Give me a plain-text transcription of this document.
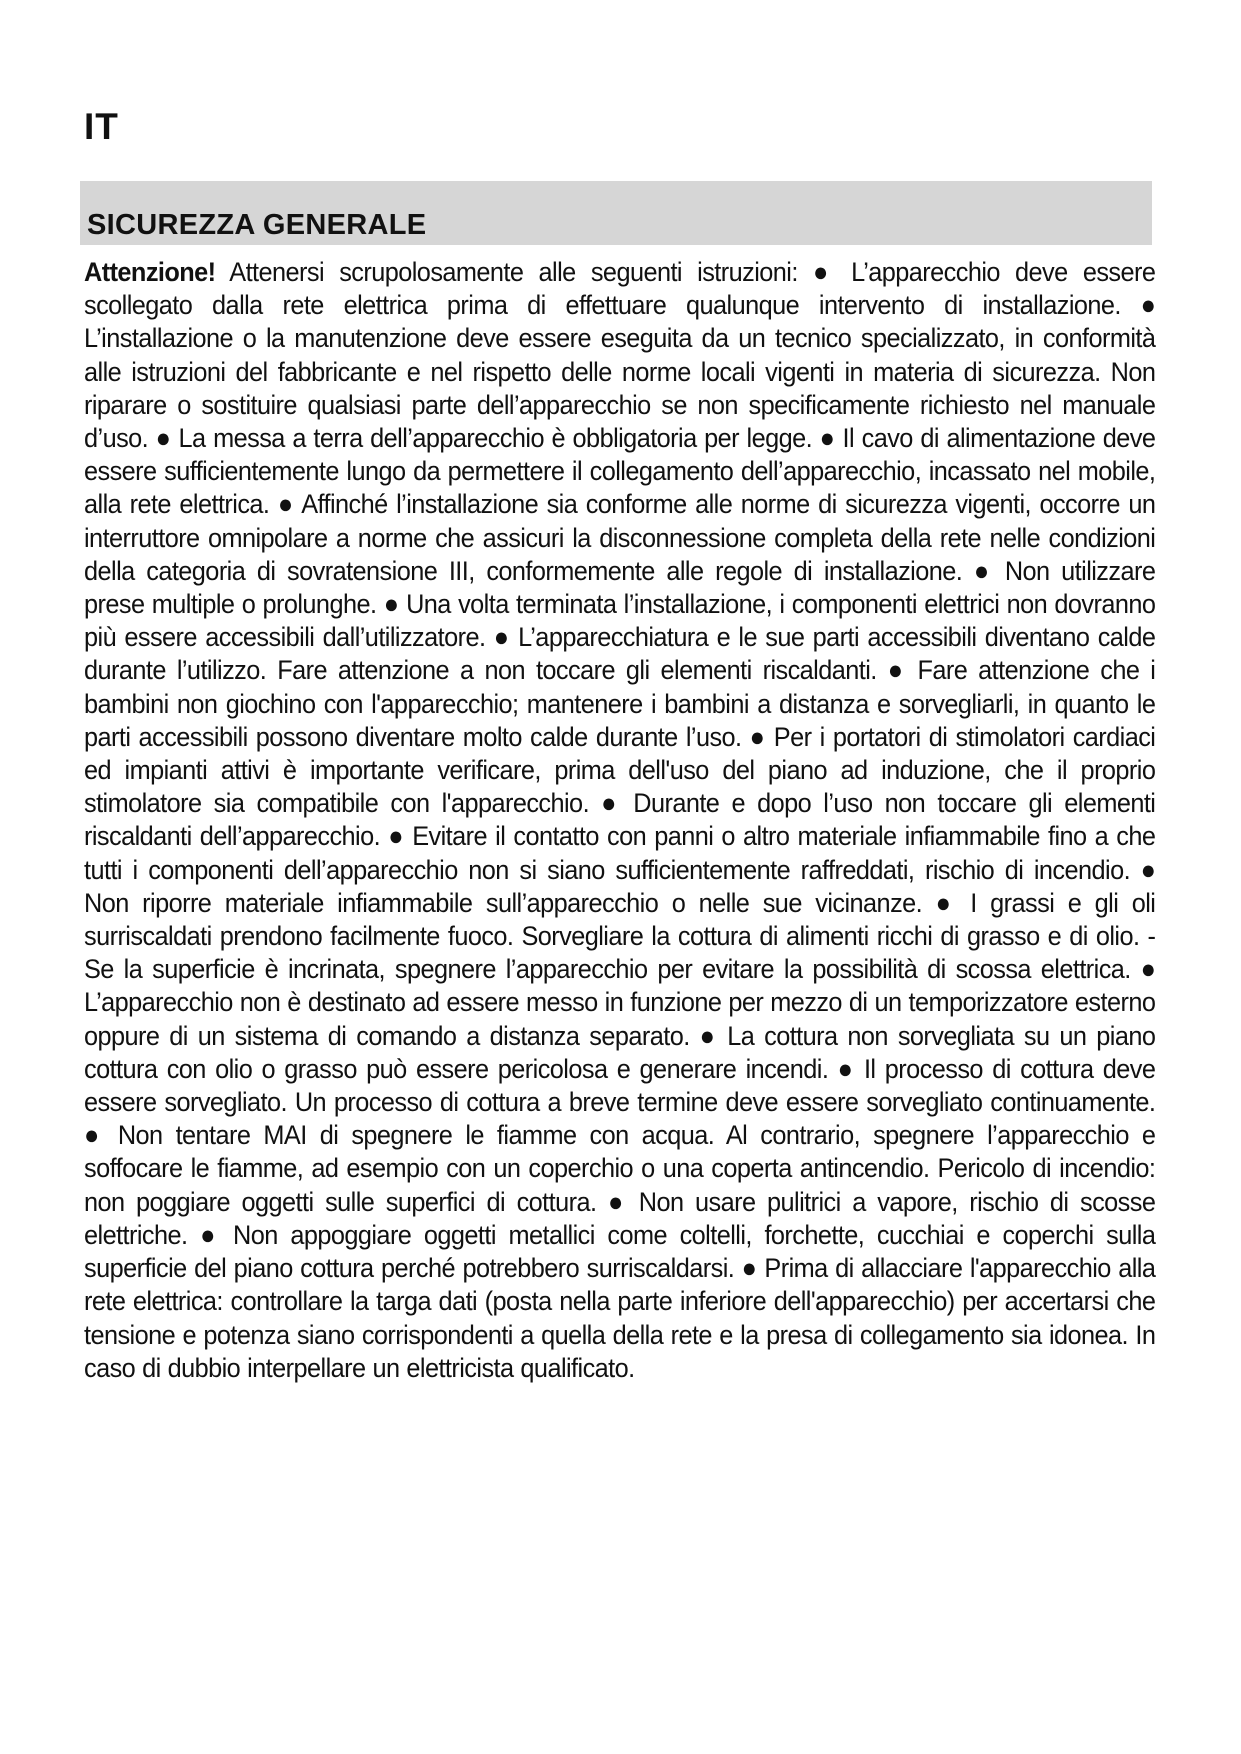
IT
SICUREZZA GENERALE

Attenzione! Attenersi scrupolosamente alle seguenti istruzioni: ● L’apparecchio deve essere scollegato dalla rete elettrica prima di effettuare qualunque intervento di installazione. ● L’installazione o la manutenzione deve essere eseguita da un tecnico specializzato, in conformità alle istruzioni del fabbricante e nel rispetto delle norme locali vigenti in materia di sicurezza. Non riparare o sostituire qualsiasi parte dell’apparecchio se non specificamente richiesto nel manuale d’uso. ● La messa a terra dell’apparecchio è obbligatoria per legge. ● Il cavo di alimentazione deve essere sufficientemente lungo da permettere il collegamento dell’apparecchio, incassato nel mobile, alla rete elettrica. ● Affinché l’installazione sia conforme alle norme di sicurezza vigenti, occorre un interruttore omnipolare a norme che assicuri la disconnessione completa della rete nelle condizioni della categoria di sovratensione III, conformemente alle regole di installazione. ● Non utilizzare prese multiple o prolunghe. ● Una volta terminata l’installazione, i componenti elettrici non dovranno più essere accessibili dall’utilizzatore. ● L’apparecchiatura e le sue parti accessibili diventano calde durante l’utilizzo. Fare attenzione a non toccare gli elementi riscaldanti. ● Fare attenzione che i bambini non giochino con l'apparecchio; mantenere i bambini a distanza e sorvegliarli, in quanto le parti accessibili possono diventare molto calde durante l’uso. ● Per i portatori di stimolatori cardiaci ed impianti attivi è importante verificare, prima dell'uso del piano ad induzione, che il proprio stimolatore sia compatibile con l'apparecchio. ● Durante e dopo l’uso non toccare gli elementi riscaldanti dell’apparecchio. ● Evitare il contatto con panni o altro materiale infiammabile fino a che tutti i componenti dell’apparecchio non si siano sufficientemente raffreddati, rischio di incendio. ● Non riporre materiale infiammabile sull’apparecchio o nelle sue vicinanze. ● I grassi e gli oli surriscaldati prendono facilmente fuoco. Sorvegliare la cottura di alimenti ricchi di grasso e di olio. - Se la superficie è incrinata, spegnere l’apparecchio per evitare la possibilità di scossa elettrica. ● L’apparecchio non è destinato ad essere messo in funzione per mezzo di un temporizzatore esterno oppure di un sistema di comando a distanza separato. ● La cottura non sorvegliata su un piano cottura con olio o grasso può essere pericolosa e generare incendi. ● Il processo di cottura deve essere sorvegliato. Un processo di cottura a breve termine deve essere sorvegliato continuamente. ● Non tentare MAI di spegnere le fiamme con acqua. Al contrario, spegnere l’apparecchio e soffocare le fiamme, ad esempio con un coperchio o una coperta antincendio. Pericolo di incendio: non poggiare oggetti sulle superfici di cottura. ● Non usare pulitrici a vapore, rischio di scosse elettriche. ● Non appoggiare oggetti metallici come coltelli, forchette, cucchiai e coperchi sulla superficie del piano cottura perché potrebbero surriscaldarsi. ● Prima di allacciare l'apparecchio alla rete elettrica: controllare la targa dati (posta nella parte inferiore dell'apparecchio) per accertarsi che tensione e potenza siano corrispondenti a quella della rete e la presa di collegamento sia idonea. In caso di dubbio interpellare un elettricista qualificato.
